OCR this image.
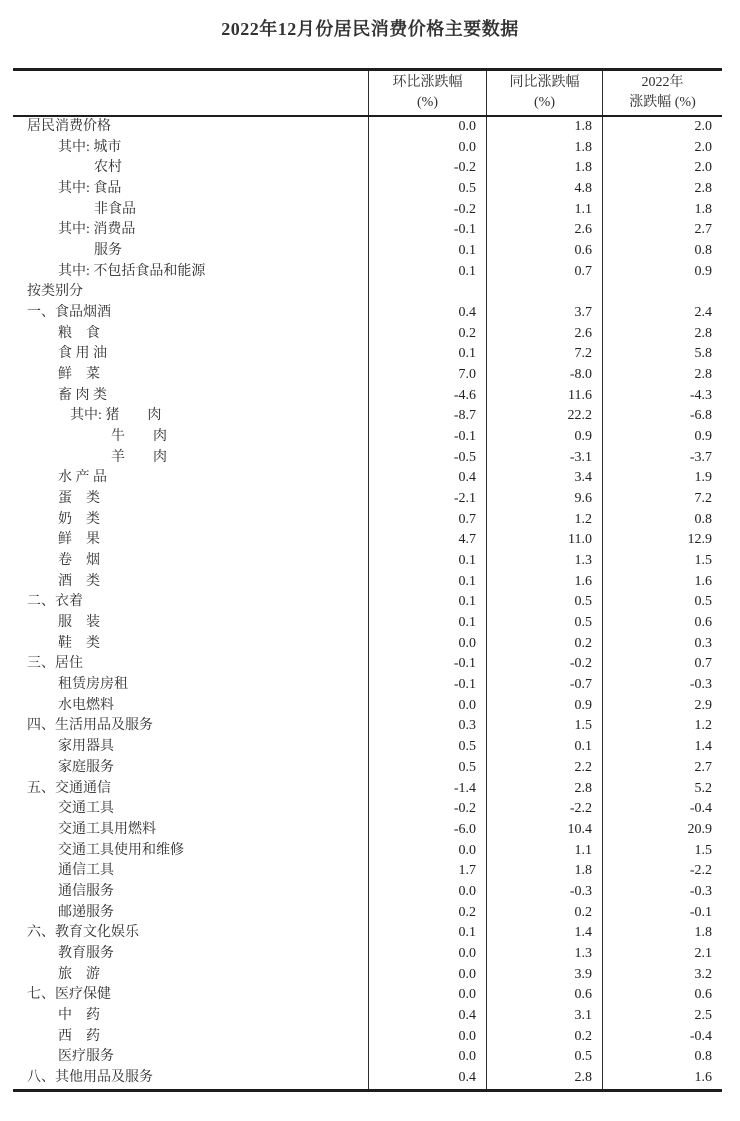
2022年12月份居民消费价格主要数据
环比涨跌幅
(%)
同比涨跌幅
(%)
2022年
涨跌幅 (%)
居民消费价格	0.0	1.8	2.0
其中: 城市	0.0	1.8	2.0
农村	-0.2	1.8	2.0
其中: 食品	0.5	4.8	2.8
非食品	-0.2	1.1	1.8
其中: 消费品	-0.1	2.6	2.7
服务	0.1	0.6	0.8
其中: 不包括食品和能源	0.1	0.7	0.9
按类别分
一、食品烟酒	0.4	3.7	2.4
粮　食	0.2	2.6	2.8
食 用 油	0.1	7.2	5.8
鲜　菜	7.0	-8.0	2.8
畜 肉 类	-4.6	11.6	-4.3
其中: 猪　　肉	-8.7	22.2	-6.8
牛　　肉	-0.1	0.9	0.9
羊　　肉	-0.5	-3.1	-3.7
水 产 品	0.4	3.4	1.9
蛋　类	-2.1	9.6	7.2
奶　类	0.7	1.2	0.8
鲜　果	4.7	11.0	12.9
卷　烟	0.1	1.3	1.5
酒　类	0.1	1.6	1.6
二、衣着	0.1	0.5	0.5
服　装	0.1	0.5	0.6
鞋　类	0.0	0.2	0.3
三、居住	-0.1	-0.2	0.7
租赁房房租	-0.1	-0.7	-0.3
水电燃料	0.0	0.9	2.9
四、生活用品及服务	0.3	1.5	1.2
家用器具	0.5	0.1	1.4
家庭服务	0.5	2.2	2.7
五、交通通信	-1.4	2.8	5.2
交通工具	-0.2	-2.2	-0.4
交通工具用燃料	-6.0	10.4	20.9
交通工具使用和维修	0.0	1.1	1.5
通信工具	1.7	1.8	-2.2
通信服务	0.0	-0.3	-0.3
邮递服务	0.2	0.2	-0.1
六、教育文化娱乐	0.1	1.4	1.8
教育服务	0.0	1.3	2.1
旅　游	0.0	3.9	3.2
七、医疗保健	0.0	0.6	0.6
中　药	0.4	3.1	2.5
西　药	0.0	0.2	-0.4
医疗服务	0.0	0.5	0.8
八、其他用品及服务	0.4	2.8	1.6
